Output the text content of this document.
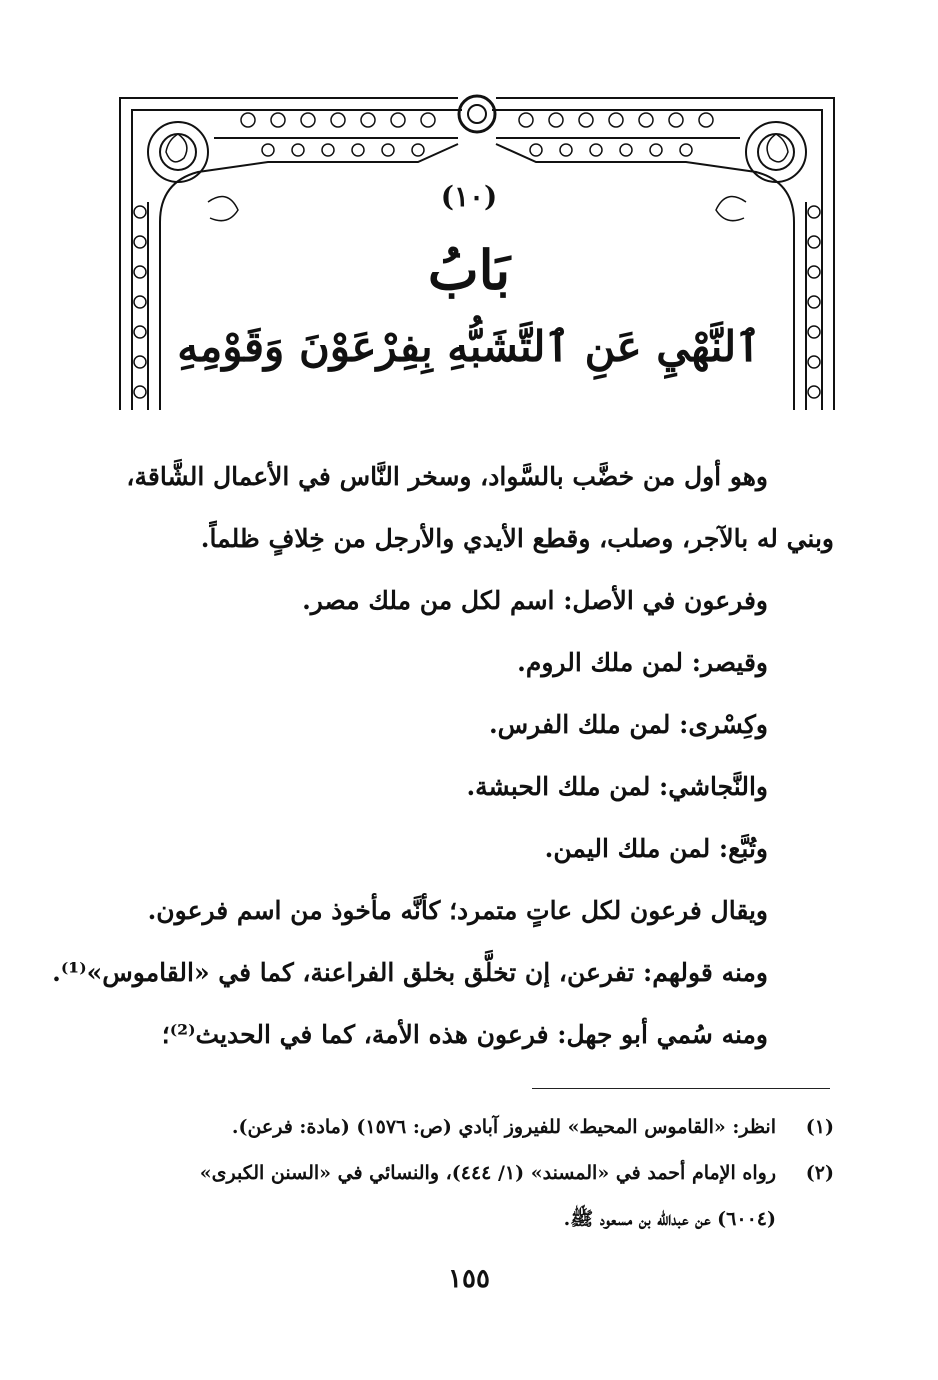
(١٠)
بَابُ
ٱلنَّهْيِ عَنِ ٱلتَّشَبُّهِ بِفِرْعَوْنَ وَقَوْمِهِ

وهو أول من خضَّب بالسَّواد، وسخر النَّاس في الأعمال الشَّاقة،

وبني له بالآجر، وصلب، وقطع الأيدي والأرجل من خِلافٍ ظلماً.

وفرعون في الأصل: اسم لكل من ملك مصر.

وقيصر: لمن ملك الروم.

وكِسْرى: لمن ملك الفرس.

والنَّجاشي: لمن ملك الحبشة.

وتُبَّع: لمن ملك اليمن.

ويقال فرعون لكل عاتٍ متمرد؛ كأنَّه مأخوذ من اسم فرعون.

ومنه قولهم: تفرعن، إن تخلَّق بخلق الفراعنة، كما في «القاموس»⁽¹⁾.

ومنه سُمي أبو جهل: فرعون هذه الأمة، كما في الحديث⁽²⁾؛

(١)
انظر: «القاموس المحيط» للفيروز آبادي (ص: ١٥٧٦) (مادة: فرعن).
(٢)
رواه الإمام أحمد في «المسند» (١/ ٤٤٤)، والنسائي في «السنن الكبرى»
(٦٠٠٤) عن عبدالله بن مسعود ﷺ.
١٥٥
